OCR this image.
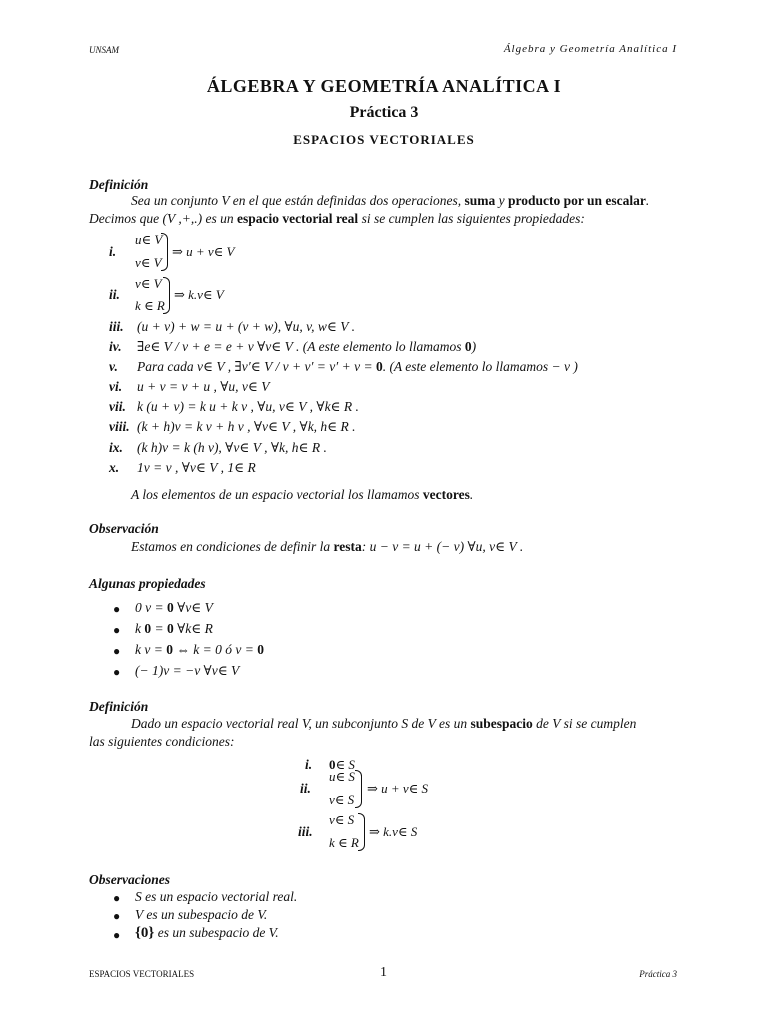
UNSAM	Álgebra y Geometría Analítica I
ÁLGEBRA Y GEOMETRÍA ANALÍTICA I
Práctica 3
ESPACIOS VECTORIALES
Definición
Sea un conjunto V en el que están definidas dos operaciones, suma y producto por un escalar.
Decimos que (V ,+,.) es un espacio vectorial real si se cumplen las siguientes propiedades:
i.
u∈ V
v∈ V
⇒ u + v∈ V
ii.
v∈ V
k ∈ R
⇒ k.v∈ V
iii. (u + v) + w = u + (v + w), ∀u, v, w∈ V .
iv. ∃e∈ V / v + e = e + v ∀v∈ V . (A este elemento lo llamamos 0)
v. Para cada v∈ V , ∃v′∈ V / v + v′ = v′ + v = 0. (A este elemento lo llamamos − v )
vi. u + v = v + u , ∀u, v∈ V
vii. k (u + v) = k u + k v , ∀u, v∈ V , ∀k∈ R .
viii. (k + h)v = k v + h v , ∀v∈ V , ∀k, h∈ R .
ix. (k h)v = k (h v), ∀v∈ V , ∀k, h∈ R .
x. 1v = v , ∀v∈ V , 1∈ R
A los elementos de un espacio vectorial los llamamos vectores.
Observación
Estamos en condiciones de definir la resta: u − v = u + (− v) ∀u, v∈ V .
Algunas propiedades
● 0 v = 0 ∀v∈ V
● k 0 = 0 ∀k∈ R
● k v = 0 ⇔ k = 0 ó v = 0
● (− 1)v = −v ∀v∈ V
Definición
Dado un espacio vectorial real V, un subconjunto S de V es un subespacio de V si se cumplen
las siguientes condiciones:
i. 0∈ S
ii.
u∈ S
v∈ S
⇒ u + v∈ S
iii.
v∈ S
k ∈ R
⇒ k.v∈ S
Observaciones
● S es un espacio vectorial real.
● V es un subespacio de V.
● {0} es un subespacio de V.
ESPACIOS VECTORIALES	1	Práctica 3
